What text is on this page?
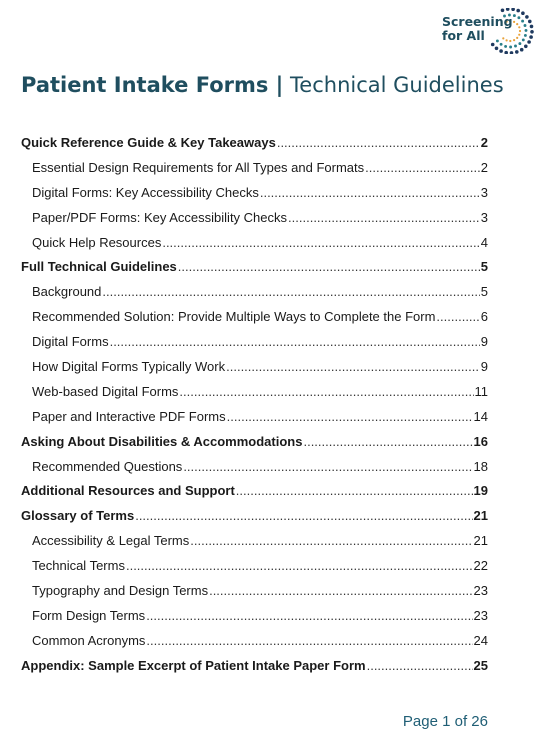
Screening
for All
Patient Intake Forms | Technical Guidelines
Quick Reference Guide & Key Takeaways .....	2
Essential Design Requirements for All Types and Formats .....	2
Digital Forms: Key Accessibility Checks .....	3
Paper/PDF Forms: Key Accessibility Checks .....	3
Quick Help Resources .....	4
Full Technical Guidelines .....	5
Background .....	5
Recommended Solution: Provide Multiple Ways to Complete the Form .....	6
Digital Forms .....	9
How Digital Forms Typically Work .....	9
Web-based Digital Forms .....	11
Paper and Interactive PDF Forms .....	14
Asking About Disabilities & Accommodations .....	16
Recommended Questions .....	18
Additional Resources and Support .....	19
Glossary of Terms .....	21
Accessibility & Legal Terms .....	21
Technical Terms .....	22
Typography and Design Terms .....	23
Form Design Terms .....	23
Common Acronyms .....	24
Appendix: Sample Excerpt of Patient Intake Paper Form .....	25
Page 1 of 26
